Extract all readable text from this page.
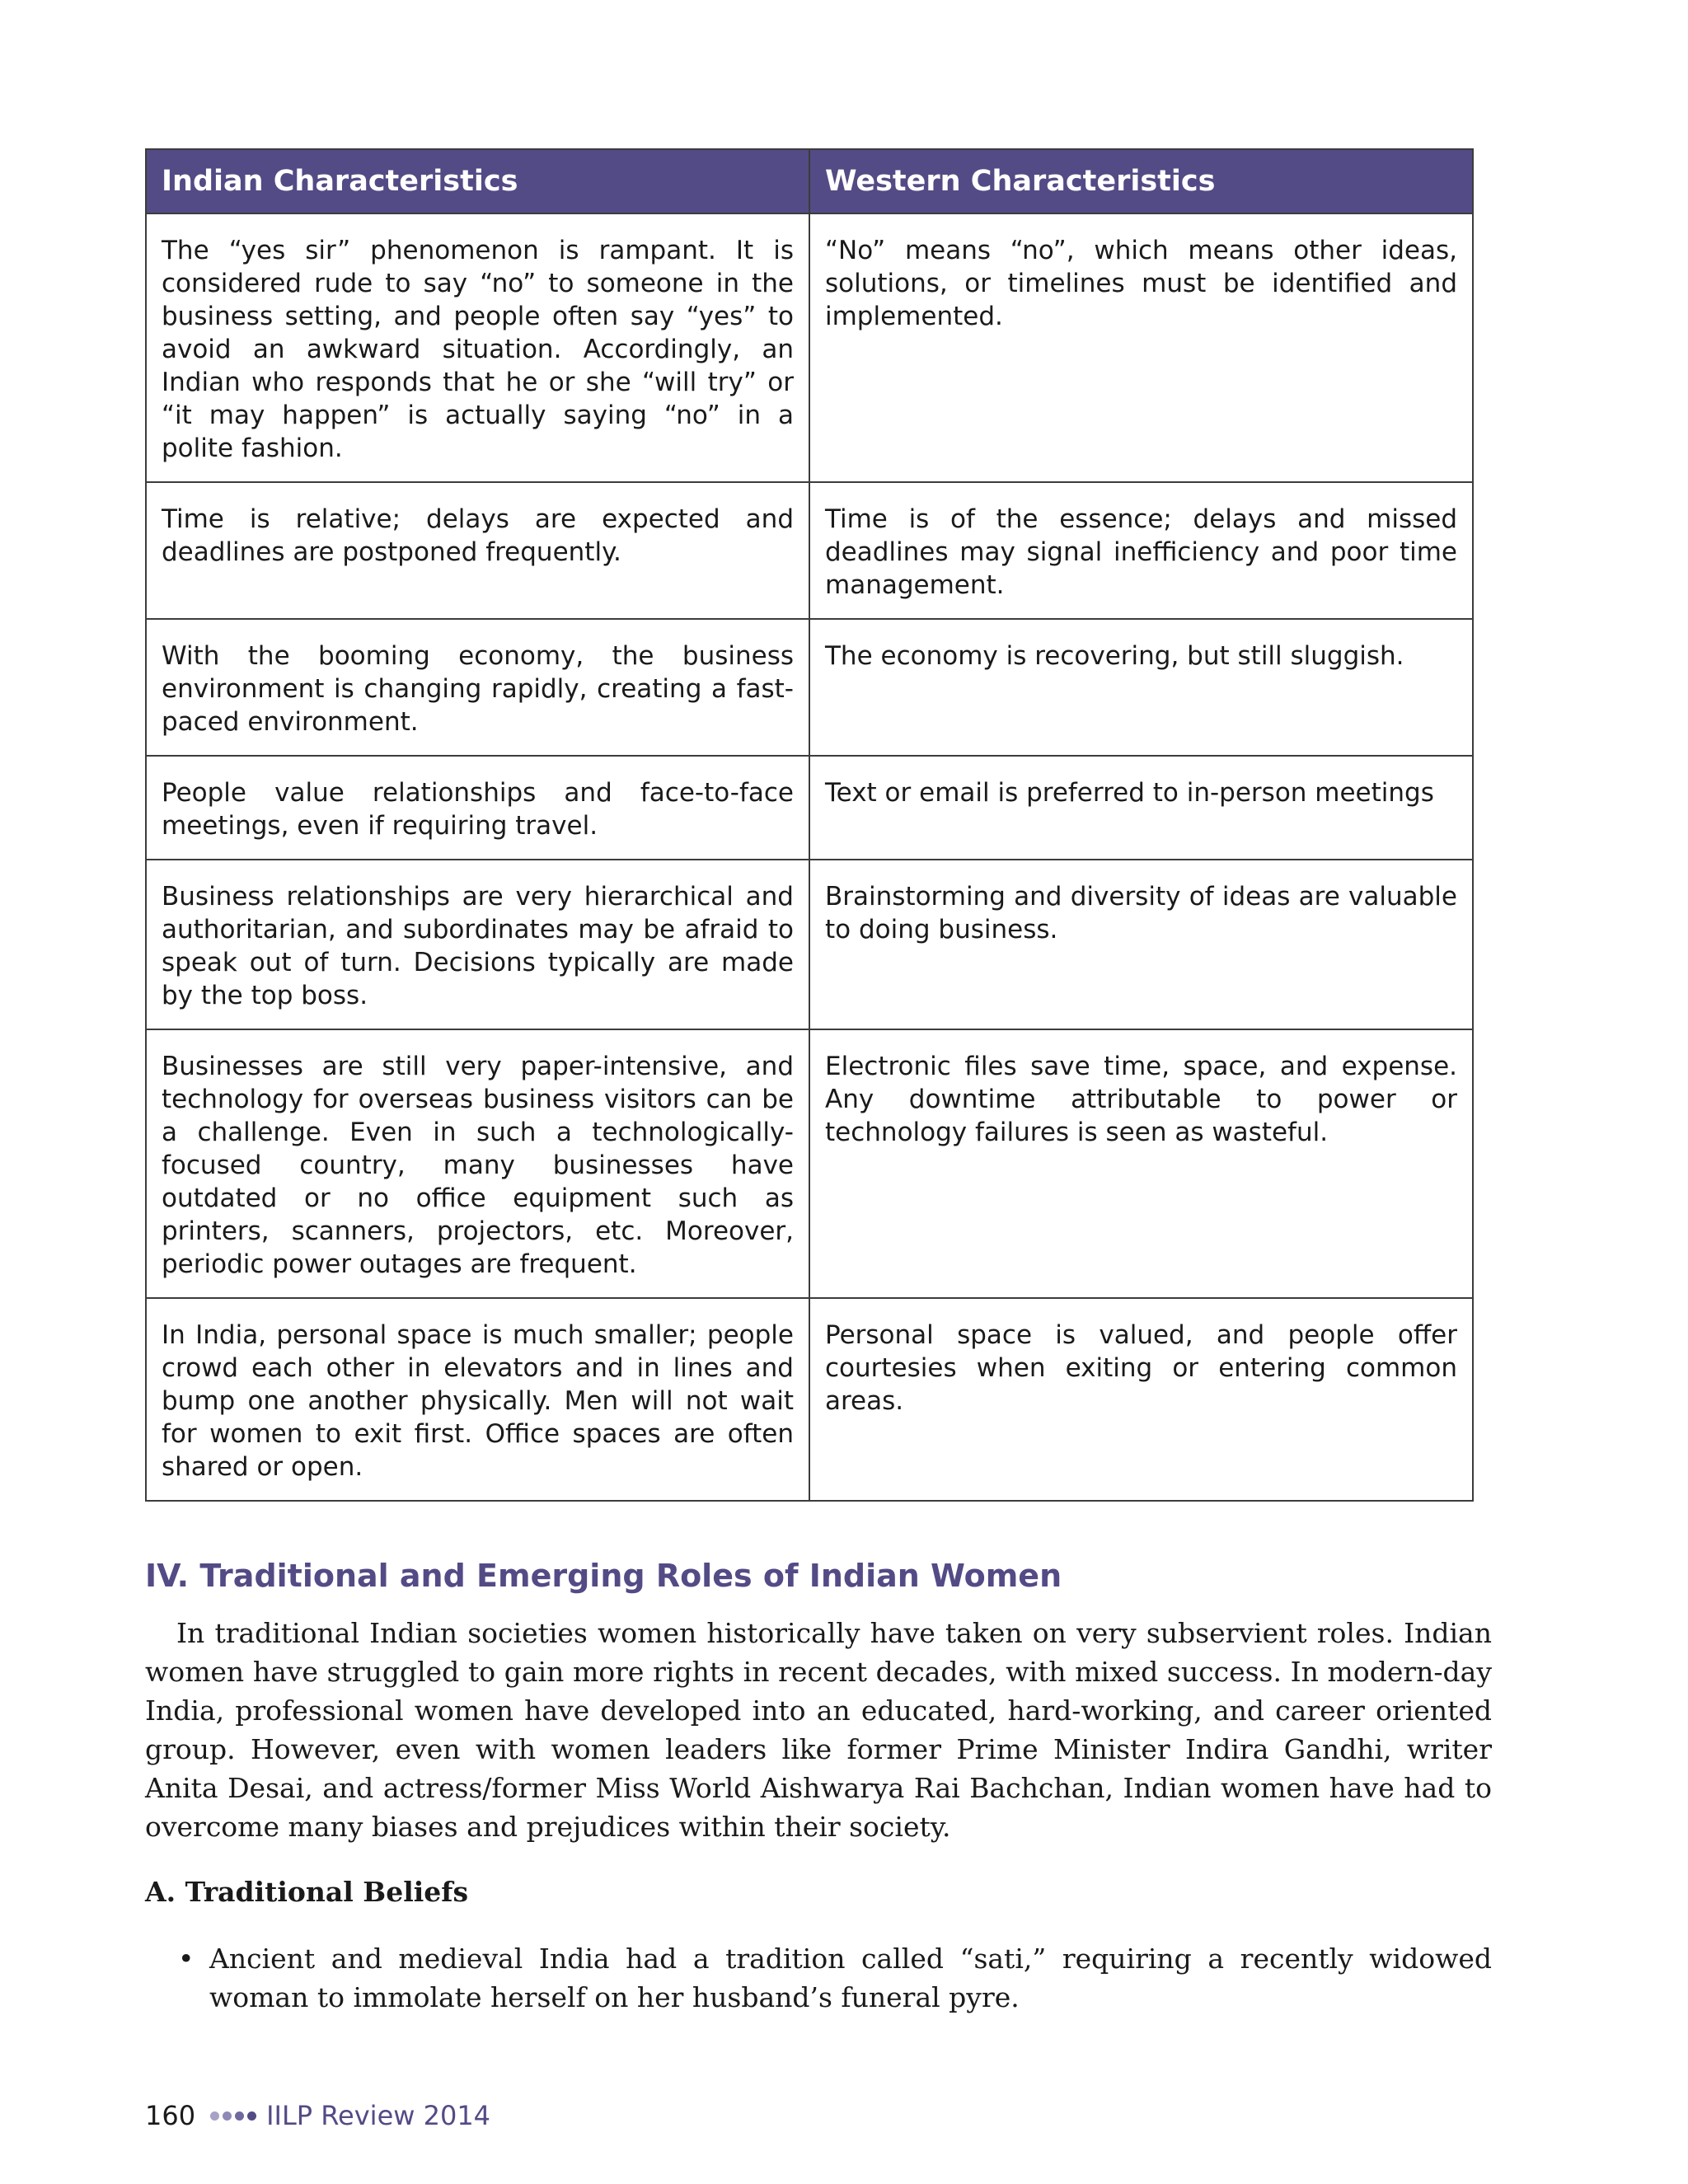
Indian Characteristics	Western Characteristics
The “yes sir” phenomenon is rampant. It is considered rude to say “no” to someone in the business setting, and people often say “yes” to avoid an awkward situation. Accordingly, an Indian who responds that he or she “will try” or “it may happen” is actually saying “no” in a polite fashion.	“No” means “no”, which means other ideas, solutions, or timelines must be identified and implemented.
Time is relative; delays are expected and deadlines are postponed frequently.	Time is of the essence; delays and missed deadlines may signal inefficiency and poor time management.
With the booming economy, the business environment is changing rapidly, creating a fast-paced environment.	The economy is recovering, but still sluggish.
People value relationships and face-to-face meetings, even if requiring travel.	Text or email is preferred to in-person meetings
Business relationships are very hierarchical and authoritarian, and subordinates may be afraid to speak out of turn. Decisions typically are made by the top boss.	Brainstorming and diversity of ideas are valuable to doing business.
Businesses are still very paper-intensive, and technology for overseas business visitors can be a challenge. Even in such a technologically-focused country, many businesses have outdated or no office equipment such as printers, scanners, projectors, etc. Moreover, periodic power outages are frequent.	Electronic files save time, space, and expense. Any downtime attributable to power or technology failures is seen as wasteful.
In India, personal space is much smaller; people crowd each other in elevators and in lines and bump one another physically. Men will not wait for women to exit first. Office spaces are often shared or open.	Personal space is valued, and people offer courtesies when exiting or entering common areas.
IV. Traditional and Emerging Roles of Indian Women

In traditional Indian societies women historically have taken on very subservient roles. Indian women have struggled to gain more rights in recent decades, with mixed success. In modern-day India, professional women have developed into an educated, hard-working, and career oriented group. However, even with women leaders like former Prime Minister Indira Gandhi, writer Anita Desai, and actress/former Miss World Aishwarya Rai Bachchan, Indian women have had to overcome many biases and prejudices within their society.

A. Traditional Beliefs
• Ancient and medieval India had a tradition called “sati,” requiring a recently widowed woman to immolate herself on her husband’s funeral pyre.
160	IILP Review 2014
